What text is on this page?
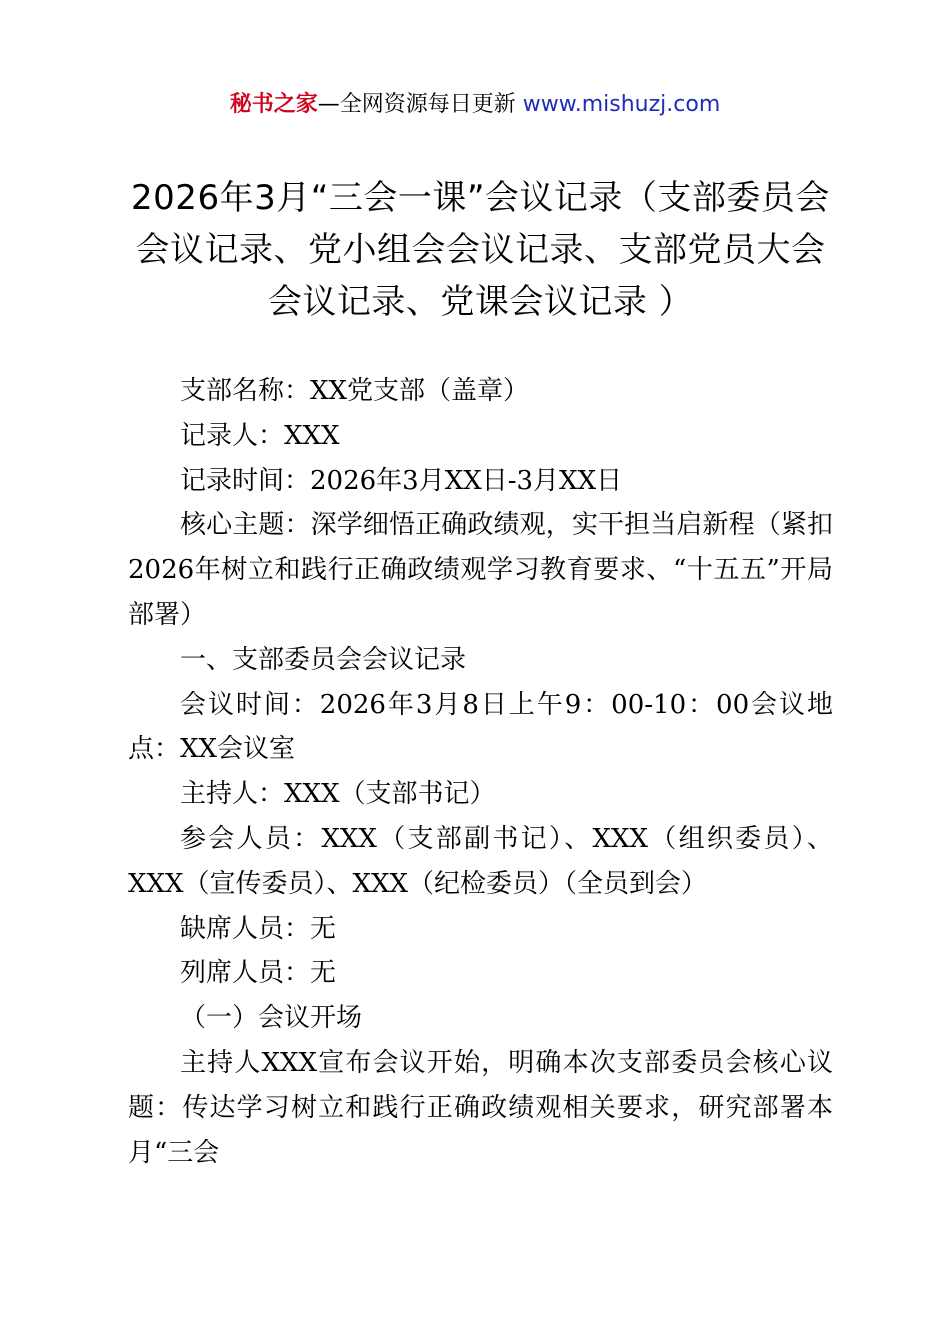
秘书之家—全网资源每日更新 www.mishuzj.com
2026年3月“三会一课”会议记录（支部委员会会议记录、党小组会会议记录、支部党员大会会议记录、党课会议记录 ）

支部名称：XX党支部（盖章）

记录人：XXX

记录时间：2026年3月XX日-3月XX日

核心主题：深学细悟正确政绩观，实干担当启新程（紧扣2026年树立和践行正确政绩观学习教育要求、“十五五”开局部署）

一、支部委员会会议记录

会议时间：2026年3月8日上午9：00-10：00会议地点：XX会议室

主持人：XXX（支部书记）

参会人员：XXX（支部副书记）、XXX（组织委员）、XXX（宣传委员）、XXX（纪检委员）（全员到会）

缺席人员：无

列席人员：无

（一）会议开场

主持人XXX宣布会议开始，明确本次支部委员会核心议题：传达学习树立和践行正确政绩观相关要求，研究部署本月“三会
